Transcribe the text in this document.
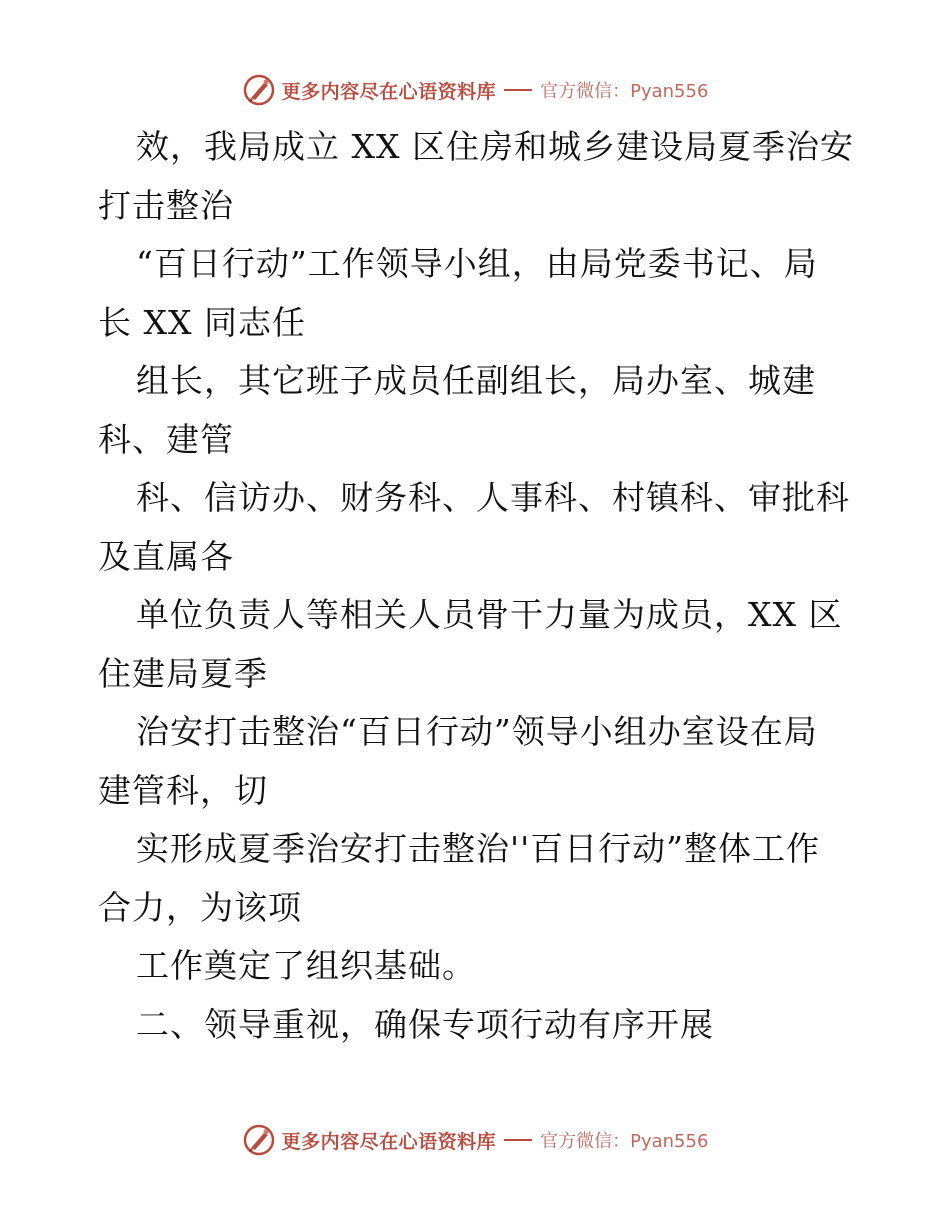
更多内容尽在心语资料库 官方微信：Pyan556
效，我局成立 XX 区住房和城乡建设局夏季治安
打击整治
“百日行动”工作领导小组，由局党委书记、局
长 XX 同志任
组长，其它班子成员任副组长，局办室、城建
科、建管
科、信访办、财务科、人事科、村镇科、审批科
及直属各
单位负责人等相关人员骨干力量为成员，XX 区
住建局夏季
治安打击整治“百日行动”领导小组办室设在局
建管科，切
实形成夏季治安打击整治''百日行动”整体工作
合力，为该项
工作奠定了组织基础。
二、领导重视，确保专项行动有序开展
更多内容尽在心语资料库 官方微信：Pyan556
